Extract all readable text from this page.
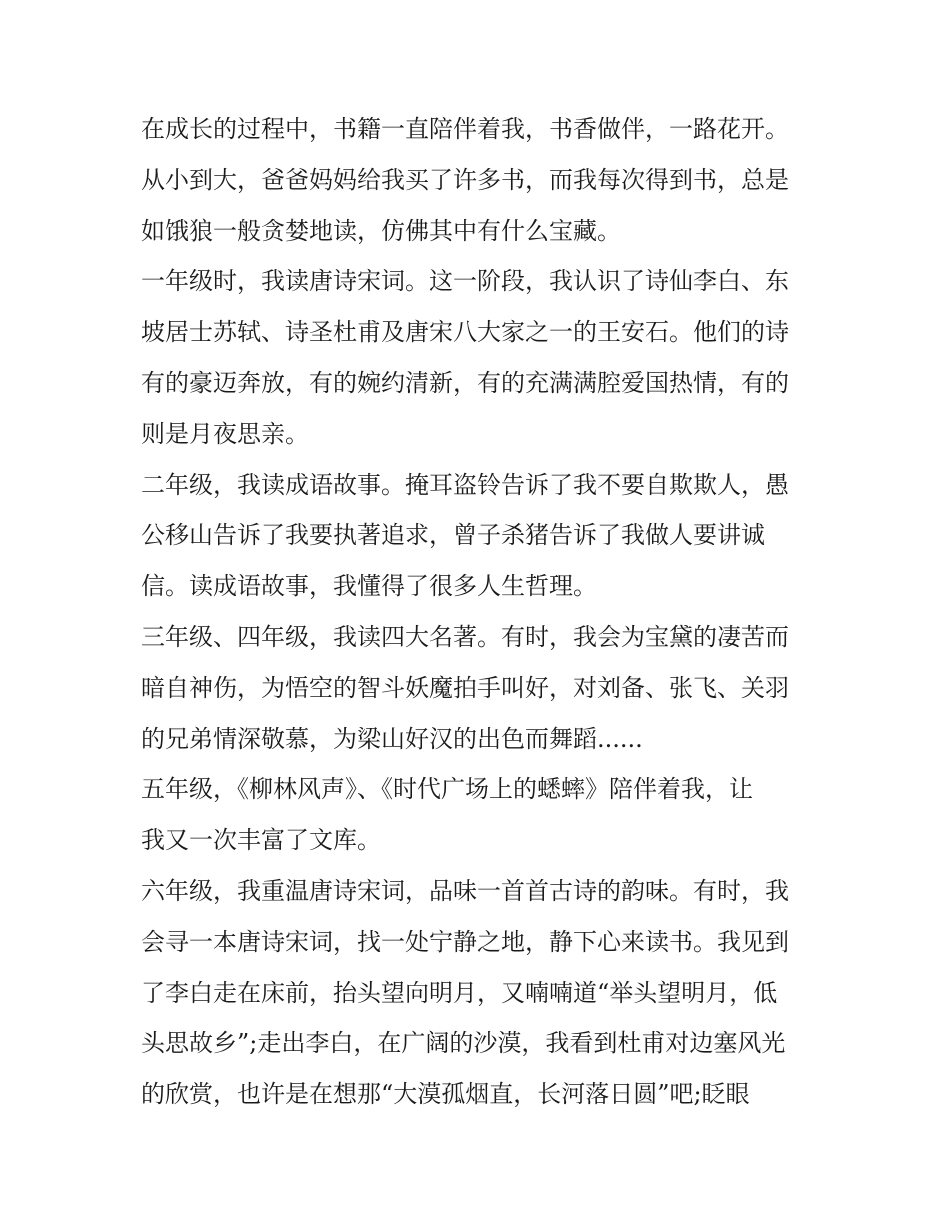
在成长的过程中，书籍一直陪伴着我，书香做伴，一路花开。
从小到大，爸爸妈妈给我买了许多书，而我每次得到书，总是
如饿狼一般贪婪地读，仿佛其中有什么宝藏。
一年级时，我读唐诗宋词。这一阶段，我认识了诗仙李白、东
坡居士苏轼、诗圣杜甫及唐宋八大家之一的王安石。他们的诗
有的豪迈奔放，有的婉约清新，有的充满满腔爱国热情，有的
则是月夜思亲。
二年级，我读成语故事。掩耳盗铃告诉了我不要自欺欺人，愚
公移山告诉了我要执著追求，曾子杀猪告诉了我做人要讲诚
信。读成语故事，我懂得了很多人生哲理。
三年级、四年级，我读四大名著。有时，我会为宝黛的凄苦而
暗自神伤，为悟空的智斗妖魔拍手叫好，对刘备、张飞、关羽
的兄弟情深敬慕，为梁山好汉的出色而舞蹈......
五年级，《柳林风声》、《时代广场上的蟋蟀》陪伴着我，让
我又一次丰富了文库。
六年级，我重温唐诗宋词，品味一首首古诗的韵味。有时，我
会寻一本唐诗宋词，找一处宁静之地，静下心来读书。我见到
了李白走在床前，抬头望向明月，又喃喃道“举头望明月，低
头思故乡”;走出李白，在广阔的沙漠，我看到杜甫对边塞风光
的欣赏，也许是在想那“大漠孤烟直，长河落日圆”吧;眨眼
